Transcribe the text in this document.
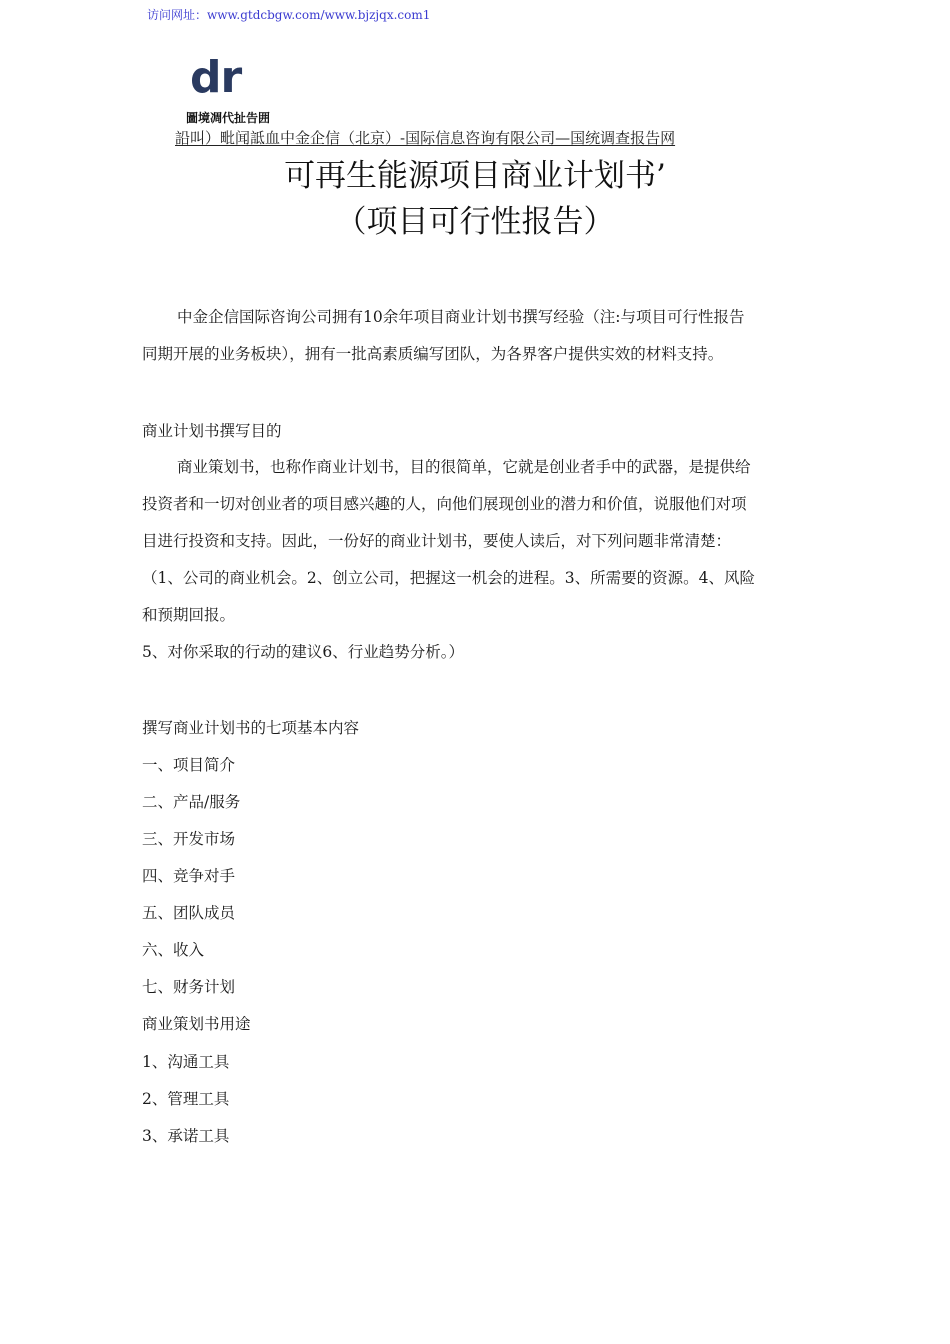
访问网址：www.gtdcbgw.com/www.bjzjqx.com1
dr
圖境凋代扯告囲
䛇叫）毗闻詆血中金企信（北京）-国际信息咨询有限公司—国统调查报告网
可再生能源项目商业计划书’
（项目可行性报告）
中金企信国际咨询公司拥有10余年项目商业计划书撰写经验（注:与项目可行性报告
同期开展的业务板块），拥有一批高素质编写团队，为各界客户提供实效的材料支持。
商业计划书撰写目的
商业策划书，也称作商业计划书，目的很简单，它就是创业者手中的武器，是提供给
投资者和一切对创业者的项目感兴趣的人，向他们展现创业的潜力和价值，说服他们对项
目进行投资和支持。因此，一份好的商业计划书，要使人读后，对下列问题非常清楚：
（1、公司的商业机会。2、创立公司，把握这一机会的进程。3、所需要的资源。4、风险
和预期回报。
5、对你采取的行动的建议6、行业趋势分析。）
撰写商业计划书的七项基本内容
一、项目简介
二、产品/服务
三、开发市场
四、竞争对手
五、团队成员
六、收入
七、财务计划
商业策划书用途
1、沟通工具
2、管理工具
3、承诺工具
